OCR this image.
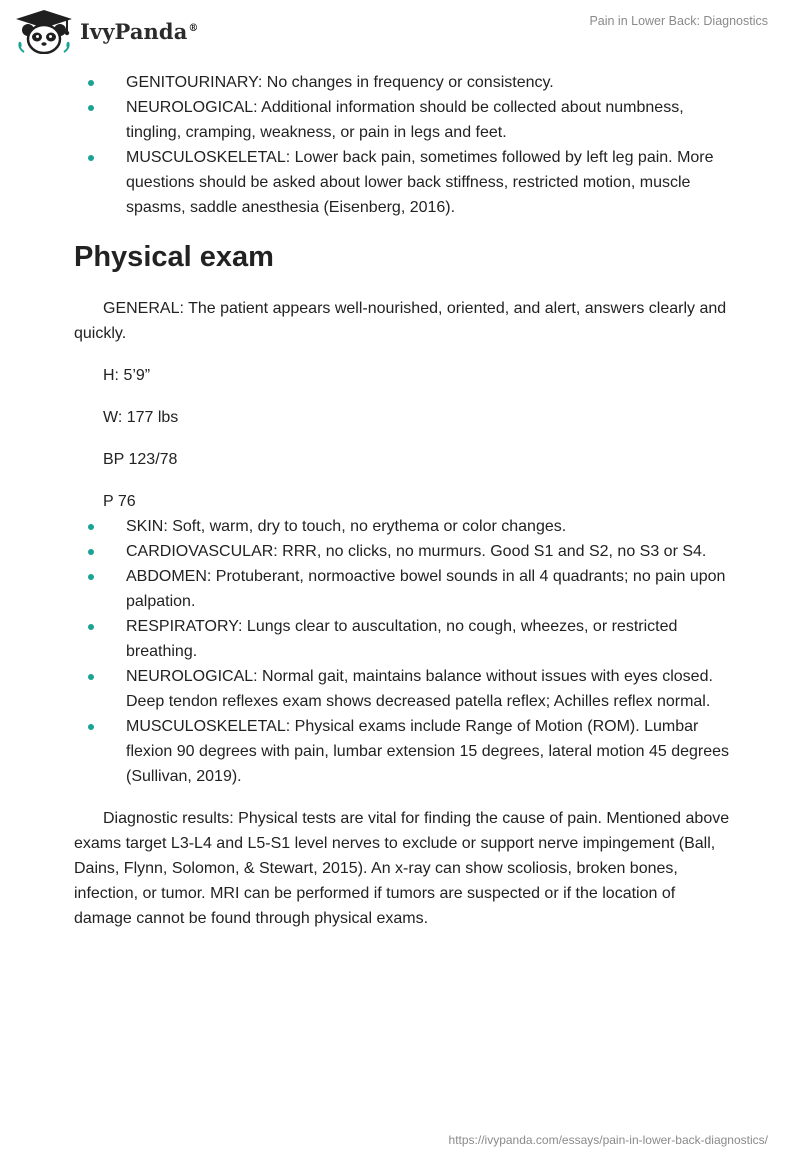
IvyPanda®	Pain in Lower Back: Diagnostics
GENITOURINARY: No changes in frequency or consistency.
NEUROLOGICAL: Additional information should be collected about numbness, tingling, cramping, weakness, or pain in legs and feet.
MUSCULOSKELETAL: Lower back pain, sometimes followed by left leg pain. More questions should be asked about lower back stiffness, restricted motion, muscle spasms, saddle anesthesia (Eisenberg, 2016).
Physical exam

GENERAL: The patient appears well-nourished, oriented, and alert, answers clearly and quickly.

H: 5’9”

W: 177 lbs

BP 123/78

P 76

SKIN: Soft, warm, dry to touch, no erythema or color changes.
CARDIOVASCULAR: RRR, no clicks, no murmurs. Good S1 and S2, no S3 or S4.
ABDOMEN: Protuberant, normoactive bowel sounds in all 4 quadrants; no pain upon palpation.
RESPIRATORY: Lungs clear to auscultation, no cough, wheezes, or restricted breathing.
NEUROLOGICAL: Normal gait, maintains balance without issues with eyes closed. Deep tendon reflexes exam shows decreased patella reflex; Achilles reflex normal.
MUSCULOSKELETAL: Physical exams include Range of Motion (ROM). Lumbar flexion 90 degrees with pain, lumbar extension 15 degrees, lateral motion 45 degrees (Sullivan, 2019).

Diagnostic results: Physical tests are vital for finding the cause of pain. Mentioned above exams target L3-L4 and L5-S1 level nerves to exclude or support nerve impingement (Ball, Dains, Flynn, Solomon, & Stewart, 2015). An x-ray can show scoliosis, broken bones, infection, or tumor. MRI can be performed if tumors are suspected or if the location of damage cannot be found through physical exams.

https://ivypanda.com/essays/pain-in-lower-back-diagnostics/
